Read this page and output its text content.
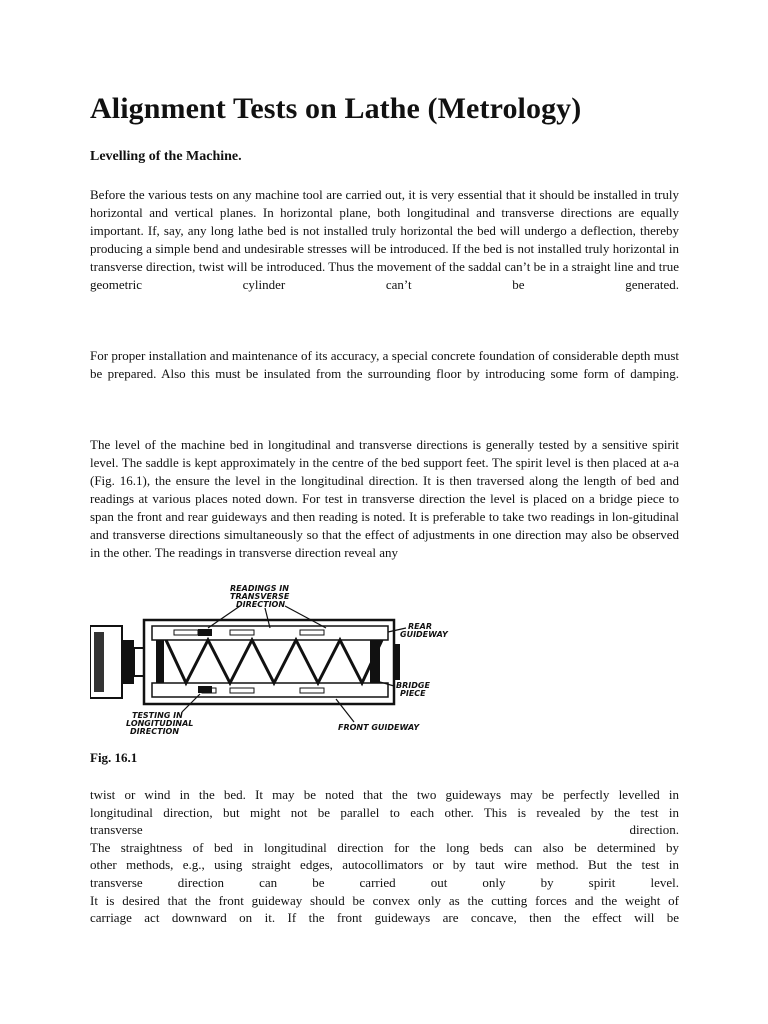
Alignment Tests on Lathe (Metrology)
Levelling of the Machine.

Before the various tests on any machine tool are carried out, it is very essential that it should be installed in truly horizontal and vertical planes. In horizontal plane, both longitudinal and transverse directions are equally important. If, say, any long lathe bed is not installed truly horizontal the bed will undergo a deflection, thereby producing a simple bend and undesirable stresses will be introduced. If the bed is not installed truly horizontal in transverse direction, twist will be introduced. Thus the movement of the saddal can’t be in a straight line and true geometric cylinder can’t be generated.

For proper installation and maintenance of its accuracy, a special concrete foundation of considerable depth must be prepared. Also this must be insulated from the surrounding floor by introducing some form of damping.

The level of the machine bed in longitudinal and transverse directions is generally tested by a sensitive spirit level. The saddle is kept approximately in the centre of the bed support feet. The spirit level is then placed at a-a (Fig. 16.1), the ensure the level in the longitudinal direction. It is then traversed along the length of bed and readings at various places noted down. For test in transverse direction the level is placed on a bridge piece to span the front and rear guideways and then reading is noted. It is preferable to take two readings in lon-gitudinal and transverse directions simultaneously so that the effect of adjustments in one direction may also be observed in the other. The readings in transverse direction reveal any

READINGS IN TRANSVERSE DIRECTION
REAR GUIDEWAY
BRIDGE PIECE
TESTING IN LONGITUDINAL DIRECTION	FRONT GUIDEWAY

Fig. 16.1

twist or wind in the bed. It may be noted that the two guideways may be perfectly levelled in
longitudinal direction, but might not be parallel to each other. This is revealed by the test in
transverse direction.
The straightness of bed in longitudinal direction for the long beds can also be determined by
other methods, e.g., using straight edges, autocollimators or by taut wire method. But the test in
transverse direction can be carried out only by spirit level.
It is desired that the front guideway should be convex only as the cutting forces and the weight of
carriage act downward on it. If the front guideways are concave, then the effect will be
